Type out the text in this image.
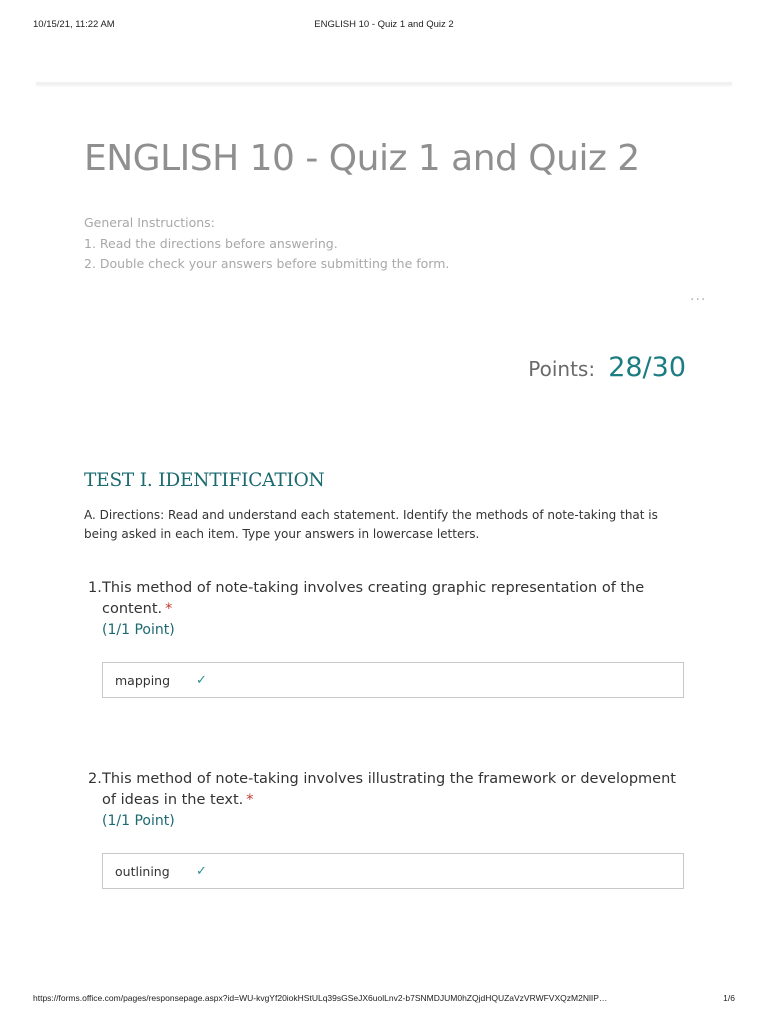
10/15/21, 11:22 AM	ENGLISH 10 - Quiz 1 and Quiz 2
ENGLISH 10 - Quiz 1 and Quiz 2
General Instructions:
1. Read the directions before answering.
2. Double check your answers before submitting the form.
···
Points: 28/30
TEST I. IDENTIFICATION
A. Directions: Read and understand each statement. Identify the methods of note-taking that is being asked in each item. Type your answers in lowercase letters.
1. This method of note-taking involves creating graphic representation of the content. *
(1/1 Point)
mapping ✓
2. This method of note-taking involves illustrating the framework or development of ideas in the text. *
(1/1 Point)
outlining ✓
https://forms.office.com/pages/responsepage.aspx?id=WU-kvgYf20iokHStULq39sGSeJX6uolLnv2-b7SNMDJUM0hZQjdHQUZaVzVRWFVXQzM2NlIP…	1/6
